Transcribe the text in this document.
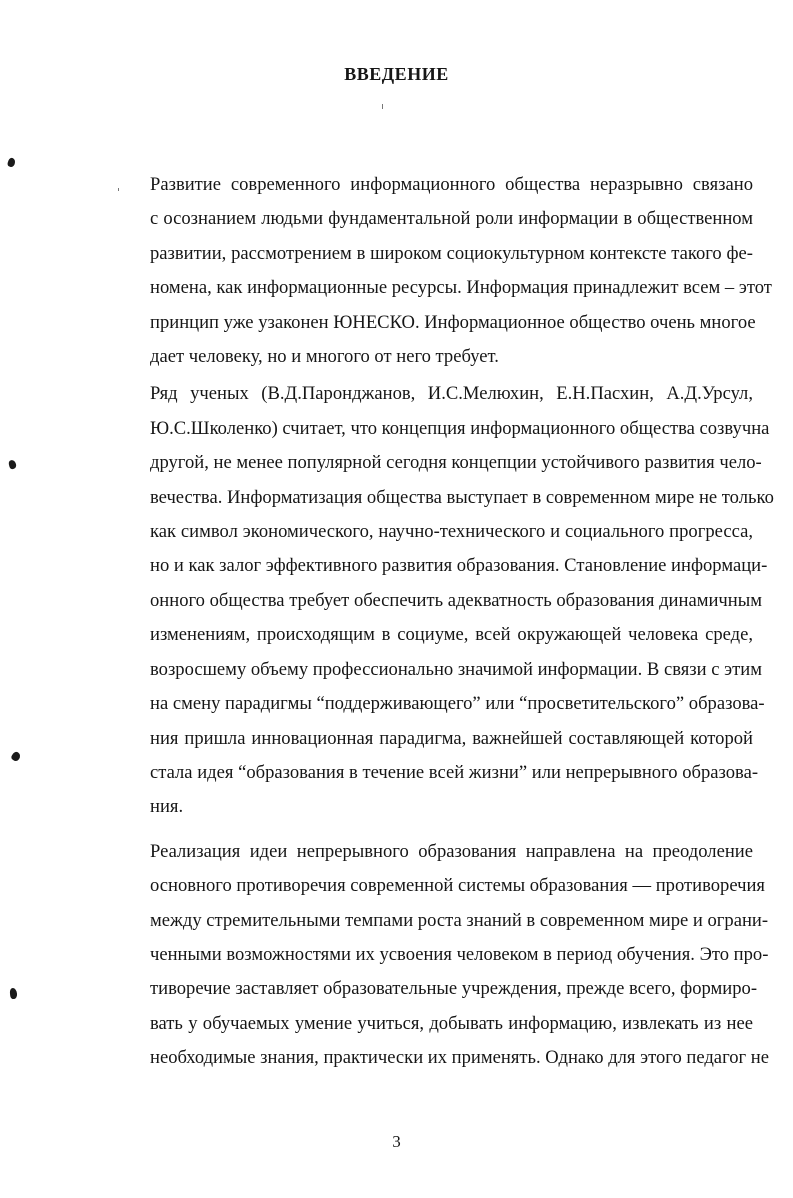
ВВЕДЕНИЕ

Развитие современного информационного общества неразрывно связано
с осознанием людьми фундаментальной роли информации в общественном
развитии, рассмотрением в широком социокультурном контексте такого фе-
номена, как информационные ресурсы. Информация принадлежит всем – этот
принцип уже узаконен ЮНЕСКО. Информационное общество очень многое
дает человеку, но и многого от него требует.

Ряд ученых (В.Д.Паронджанов, И.С.Мелюхин, Е.Н.Пасхин, А.Д.Урсул,
Ю.С.Школенко) считает, что концепция информационного общества созвучна
другой, не менее популярной сегодня концепции устойчивого развития чело-
вечества. Информатизация общества выступает в современном мире не только
как символ экономического, научно-технического и социального прогресса,
но и как залог эффективного развития образования. Становление информаци-
онного общества требует обеспечить адекватность образования динамичным
изменениям, происходящим в социуме, всей окружающей человека среде,
возросшему объему профессионально значимой информации. В связи с этим
на смену парадигмы “поддерживающего” или “просветительского” образова-
ния пришла инновационная парадигма, важнейшей составляющей которой
стала идея “образования в течение всей жизни” или непрерывного образова-
ния.

Реализация идеи непрерывного образования направлена на преодоление
основного противоречия современной системы образования — противоречия
между стремительными темпами роста знаний в современном мире и ограни-
ченными возможностями их усвоения человеком в период обучения. Это про-
тиворечие заставляет образовательные учреждения, прежде всего, формиро-
вать у обучаемых умение учиться, добывать информацию, извлекать из нее
необходимые знания, практически их применять. Однако для этого педагог не

3
